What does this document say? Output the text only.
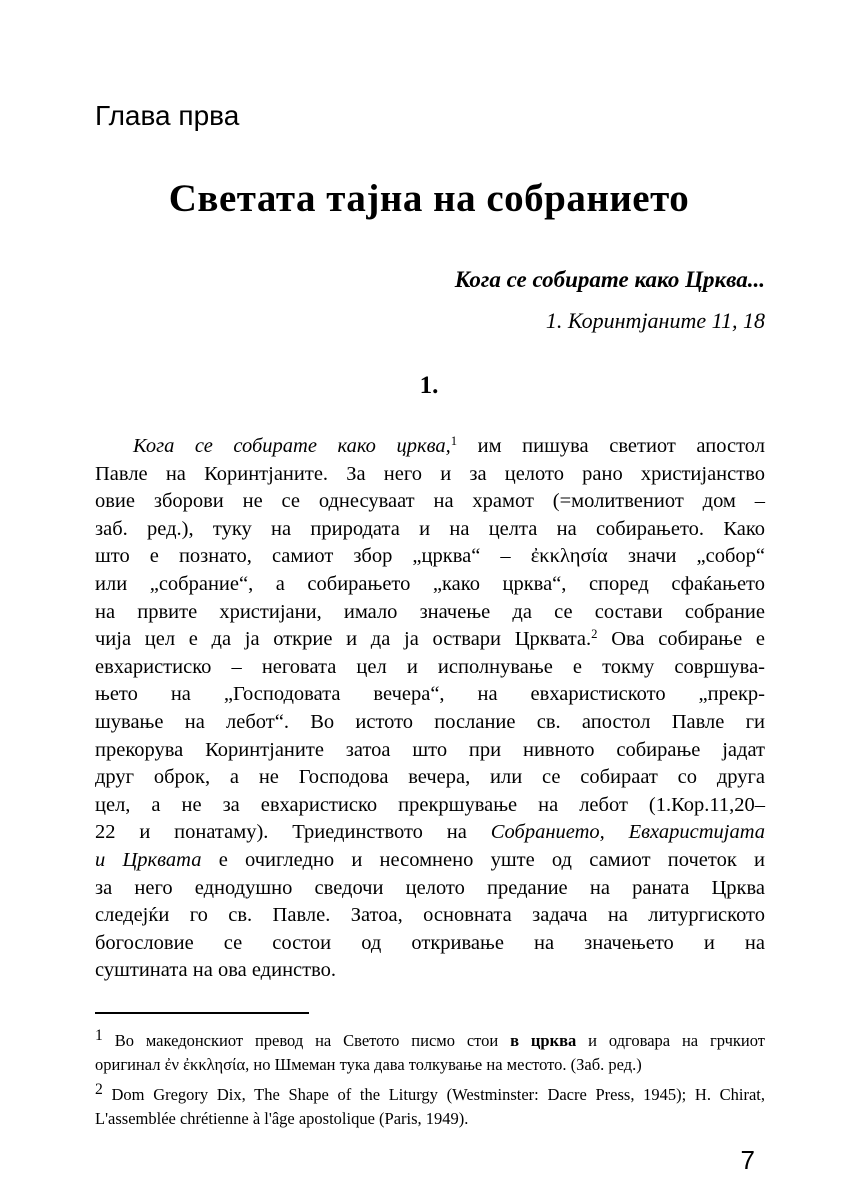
Глава прва
Светата тајна на собранието
Кога се собирате како Црква...
1. Коринтјаните 11, 18
1.
Кога се собирате како црква,$^1$ им пишува светиот апостол
Павле на Коринтјаните. За него и за целото рано христијанство
овие зборови не се однесуваат на храмот (=молитвениот дом –
заб. ред.), туку на природата и на целта на собирањето. Како
што е познато, самиот збор „црква“ – ἐκκλησία значи „собор“
или „собрание“, а собирањето „како црква“, според сфаќањето
на првите христијани, имало значење да се состави собрание
чија цел е да ја открие и да ја оствари Црквата.$^2$ Ова собирање е
евхаристиско – неговата цел и исполнување е токму совршува-
њето на „Господовата вечера“, на евхаристиското „прекр-
шување на лебот“. Во истото послание св. апостол Павле ги
прекорува Коринтјаните затоа што при нивното собирање јадат
друг оброк, а не Господова вечера, или се собираат со друга
цел, а не за евхаристиско прекршување на лебот (1.Кор.11,20–
22 и понатаму). Триединството на Собранието, Евхаристијата
и Црквата е очигледно и несомнено уште од самиот почеток и
за него еднодушно сведочи целото предание на раната Црква
следејќи го св. Павле. Затоа, основната задача на литургиското
богословие се состои од откривање на значењето и на
суштината на ова единство.
1 Во македонскиот превод на Светото писмо стои в црква и одговара на грчкиот
оригинал ἐν ἐκκλησία, но Шмеман тука дава толкување на местото. (Заб. ред.)
2 Dom Gregory Dix, The Shape of the Liturgy (Westminster: Dacre Press, 1945); H. Chirat,
L'assemblée chrétienne à l'âge apostolique (Paris, 1949).
7
